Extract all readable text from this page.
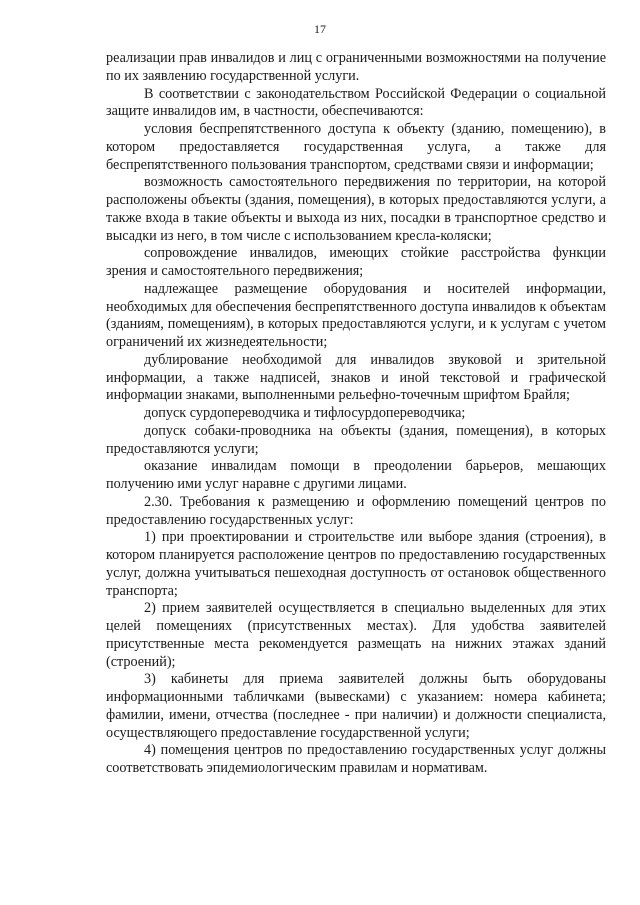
17

реализации прав инвалидов и лиц с ограниченными возможностями на получение по их заявлению государственной услуги.

В соответствии с законодательством Российской Федерации о социальной защите инвалидов им, в частности, обеспечиваются:

условия беспрепятственного доступа к объекту (зданию, помещению), в котором предоставляется государственная услуга, а также для беспрепятственного пользования транспортом, средствами связи и информации;

возможность самостоятельного передвижения по территории, на которой расположены объекты (здания, помещения), в которых предоставляются услуги, а также входа в такие объекты и выхода из них, посадки в транспортное средство и высадки из него, в том числе с использованием кресла-коляски;

сопровождение инвалидов, имеющих стойкие расстройства функции зрения и самостоятельного передвижения;

надлежащее размещение оборудования и носителей информации, необходимых для обеспечения беспрепятственного доступа инвалидов к объектам (зданиям, помещениям), в которых предоставляются услуги, и к услугам с учетом ограничений их жизнедеятельности;

дублирование необходимой для инвалидов звуковой и зрительной информации, а также надписей, знаков и иной текстовой и графической информации знаками, выполненными рельефно-точечным шрифтом Брайля;

допуск сурдопереводчика и тифлосурдопереводчика;

допуск собаки-проводника на объекты (здания, помещения), в которых предоставляются услуги;

оказание инвалидам помощи в преодолении барьеров, мешающих получению ими услуг наравне с другими лицами.

2.30. Требования к размещению и оформлению помещений центров по предоставлению государственных услуг:

1) при проектировании и строительстве или выборе здания (строения), в котором планируется расположение центров по предоставлению государственных услуг, должна учитываться пешеходная доступность от остановок общественного транспорта;

2) прием заявителей осуществляется в специально выделенных для этих целей помещениях (присутственных местах). Для удобства заявителей присутственные места рекомендуется размещать на нижних этажах зданий (строений);

3) кабинеты для приема заявителей должны быть оборудованы информационными табличками (вывесками) с указанием: номера кабинета; фамилии, имени, отчества (последнее - при наличии) и должности специалиста, осуществляющего предоставление государственной услуги;

4) помещения центров по предоставлению государственных услуг должны соответствовать эпидемиологическим правилам и нормативам.
